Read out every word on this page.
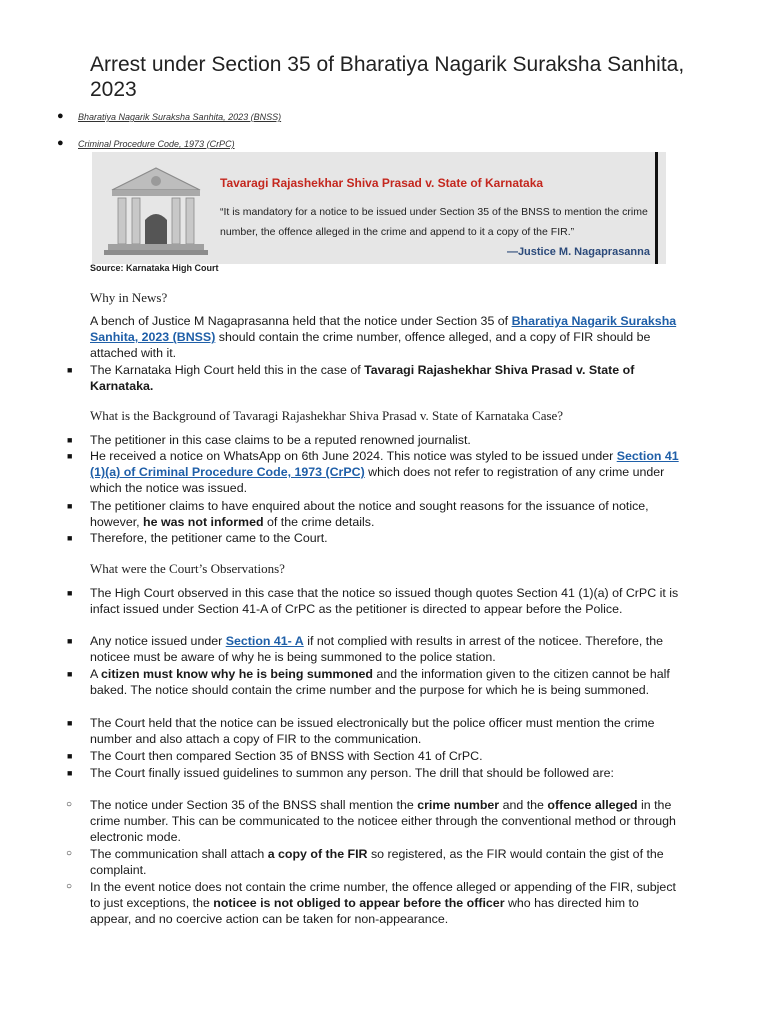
Arrest under Section 35 of Bharatiya Nagarik Suraksha Sanhita, 2023
● Bharatiya Nagarik Suraksha Sanhita, 2023 (BNSS)
● Criminal Procedure Code, 1973 (CrPC)
Tavaragi Rajashekhar Shiva Prasad v. State of Karnataka
“It is mandatory for a notice to be issued under Section 35 of the BNSS to mention the crime number, the offence alleged in the crime and append to it a copy of the FIR.”
—Justice M. Nagaprasanna
Source: Karnataka High Court
Why in News?
A bench of Justice M Nagaprasanna held that the notice under Section 35 of Bharatiya Nagarik Suraksha Sanhita, 2023 (BNSS) should contain the crime number, offence alleged, and a copy of FIR should be attached with it.
■ The Karnataka High Court held this in the case of Tavaragi Rajashekhar Shiva Prasad v. State of Karnataka.
What is the Background of Tavaragi Rajashekhar Shiva Prasad v. State of Karnataka Case?
■ The petitioner in this case claims to be a reputed renowned journalist.
■ He received a notice on WhatsApp on 6th June 2024. This notice was styled to be issued under Section 41 (1)(a) of Criminal Procedure Code, 1973 (CrPC) which does not refer to registration of any crime under which the notice was issued.
■ The petitioner claims to have enquired about the notice and sought reasons for the issuance of notice, however, he was not informed of the crime details.
■ Therefore, the petitioner came to the Court.
What were the Court’s Observations?
■ The High Court observed in this case that the notice so issued though quotes Section 41 (1)(a) of CrPC it is infact issued under Section 41-A of CrPC as the petitioner is directed to appear before the Police.
■ Any notice issued under Section 41- A if not complied with results in arrest of the noticee. Therefore, the noticee must be aware of why he is being summoned to the police station.
■ A citizen must know why he is being summoned and the information given to the citizen cannot be half baked. The notice should contain the crime number and the purpose for which he is being summoned.
■ The Court held that the notice can be issued electronically but the police officer must mention the crime number and also attach a copy of FIR to the communication.
■ The Court then compared Section 35 of BNSS with Section 41 of CrPC.
■ The Court finally issued guidelines to summon any person. The drill that should be followed are:
○ The notice under Section 35 of the BNSS shall mention the crime number and the offence alleged in the crime number. This can be communicated to the noticee either through the conventional method or through electronic mode.
○ The communication shall attach a copy of the FIR so registered, as the FIR would contain the gist of the complaint.
○ In the event notice does not contain the crime number, the offence alleged or appending of the FIR, subject to just exceptions, the noticee is not obliged to appear before the officer who has directed him to appear, and no coercive action can be taken for non-appearance.
